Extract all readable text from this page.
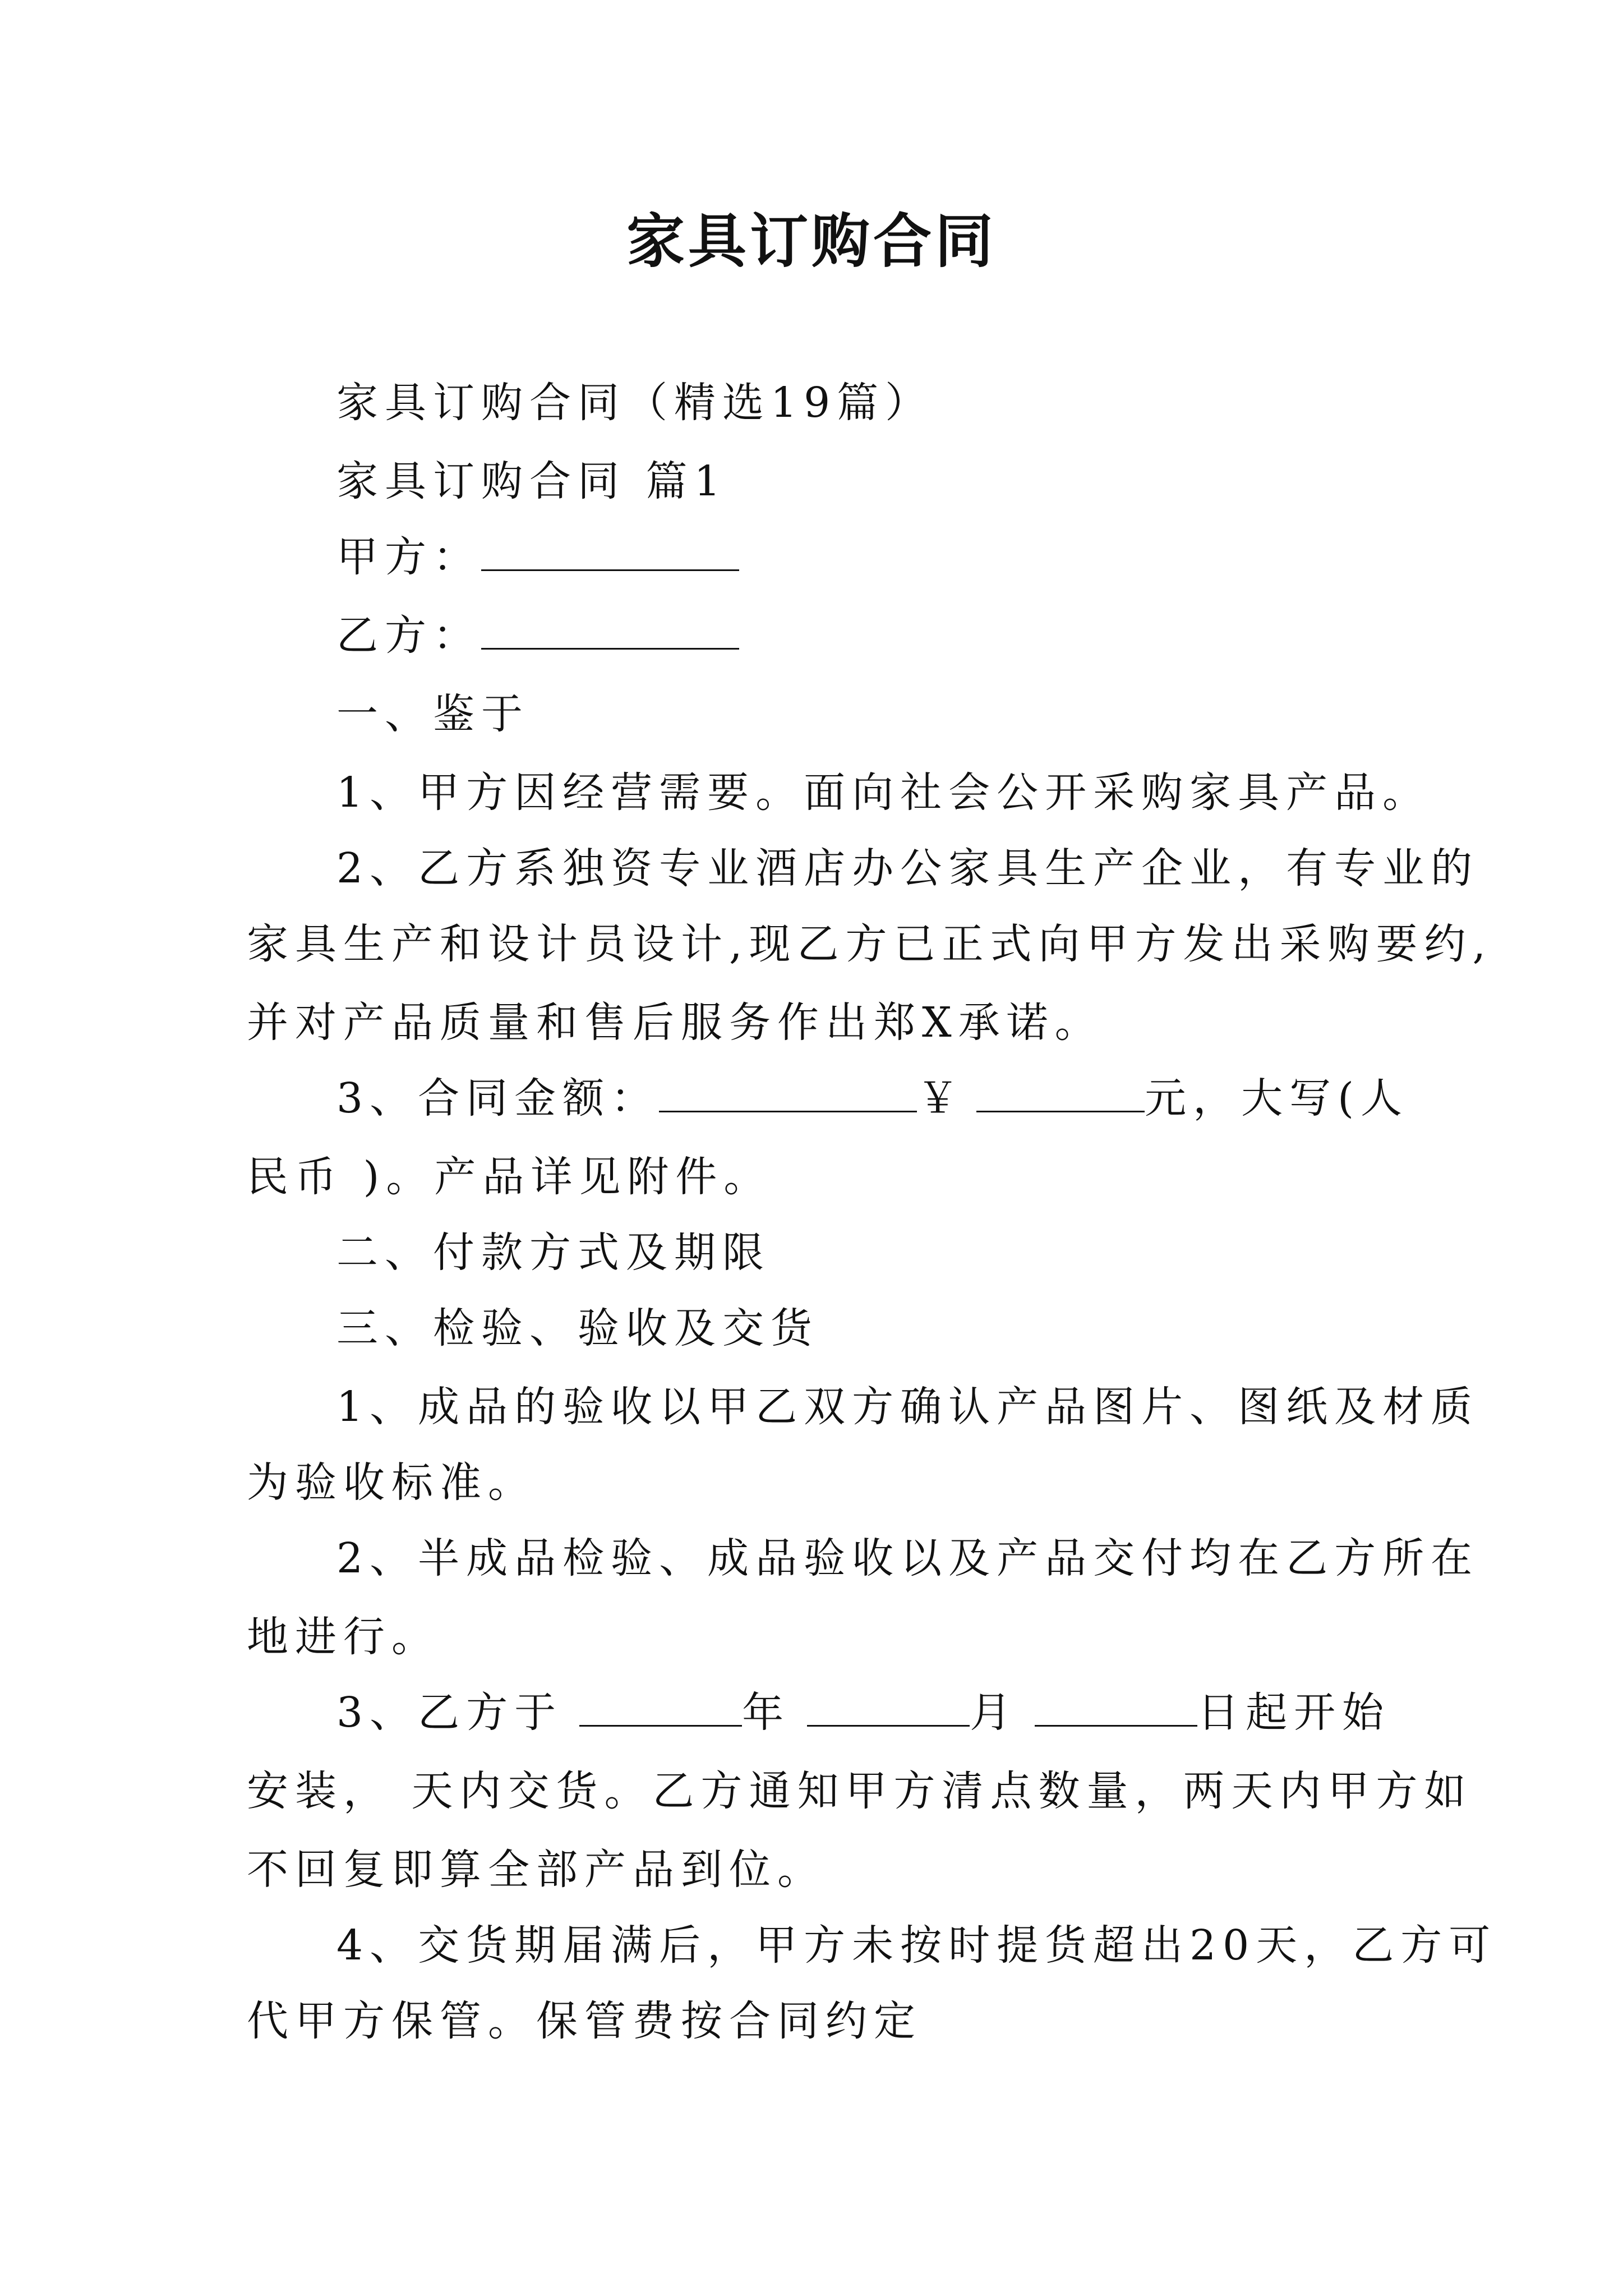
家具订购合同
家具订购合同（精选19篇）
家具订购合同 篇1
甲方：
乙方：
一、鉴于
1、甲方因经营需要。面向社会公开采购家具产品。
2、乙方系独资专业酒店办公家具生产企业，有专业的
家具生产和设计员设计,现乙方已正式向甲方发出采购要约,
并对产品质量和售后服务作出郑X承诺。
3、合同金额：	￥	元，大写(人
民币 )。产品详见附件。
二、付款方式及期限
三、检验、验收及交货
1、成品的验收以甲乙双方确认产品图片、图纸及材质
为验收标准。
2、半成品检验、成品验收以及产品交付均在乙方所在
地进行。
3、乙方于	年	月	日起开始
安装， 天内交货。乙方通知甲方清点数量，两天内甲方如
不回复即算全部产品到位。
4、交货期届满后，甲方未按时提货超出20天，乙方可
代甲方保管。保管费按合同约定
